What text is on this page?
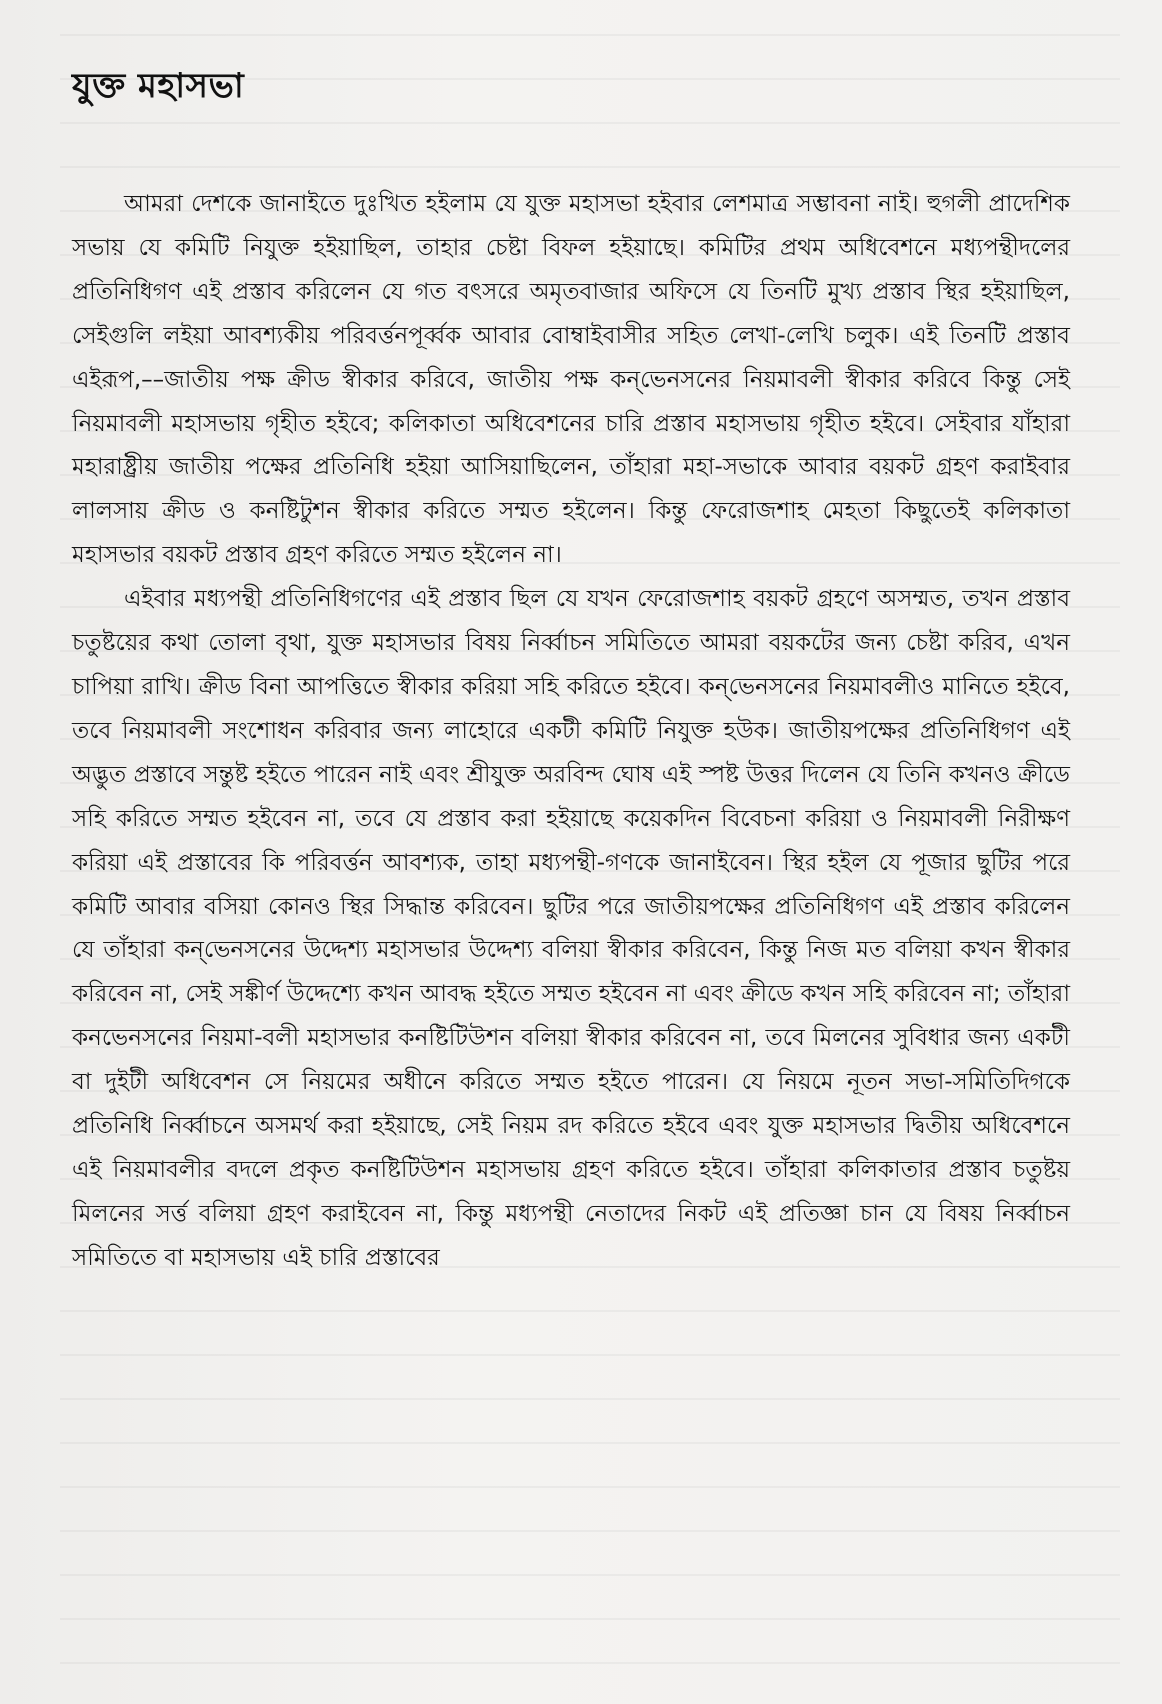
যুক্ত মহাসভা

আমরা দেশকে জানাইতে দুঃখিত হইলাম যে যুক্ত মহাসভা হইবার লেশমাত্র সম্ভাবনা নাই। হুগলী প্রাদেশিক সভায় যে কমিটি নিযুক্ত হইয়াছিল, তাহার চেষ্টা বিফল হইয়াছে। কমিটির প্রথম অধিবেশনে মধ্যপন্থীদলের প্রতিনিধিগণ এই প্রস্তাব করিলেন যে গত বৎসরে অমৃতবাজার অফিসে যে তিনটি মুখ্য প্রস্তাব স্থির হইয়াছিল, সেইগুলি লইয়া আবশ্যকীয় পরিবর্ত্তনপূর্ব্বক আবার বোম্বাইবাসীর সহিত লেখা-লেখি চলুক। এই তিনটি প্রস্তাব এইরূপ,––জাতীয় পক্ষ ক্রীড স্বীকার করিবে, জাতীয় পক্ষ কন্‌ভেনসনের নিয়মাবলী স্বীকার করিবে কিন্তু সেই নিয়মাবলী মহাসভায় গৃহীত হইবে; কলিকাতা অধিবেশনের চারি প্রস্তাব মহাসভায় গৃহীত হইবে। সেইবার যাঁহারা মহারাষ্ট্রীয় জাতীয় পক্ষের প্রতিনিধি হইয়া আসিয়াছিলেন, তাঁহারা মহা-সভাকে আবার বয়কট গ্রহণ করাইবার লালসায় ক্রীড ও কনষ্টিটুশন স্বীকার করিতে সম্মত হইলেন। কিন্তু ফেরোজশাহ মেহতা কিছুতেই কলিকাতা মহাসভার বয়কট প্রস্তাব গ্রহণ করিতে সম্মত হইলেন না।

এইবার মধ্যপন্থী প্রতিনিধিগণের এই প্রস্তাব ছিল যে যখন ফেরোজশাহ বয়কট গ্রহণে অসম্মত, তখন প্রস্তাব চতুষ্টয়ের কথা তোলা বৃথা, যুক্ত মহাসভার বিষয় নির্ব্বাচন সমিতিতে আমরা বয়কটের জন্য চেষ্টা করিব, এখন চাপিয়া রাখি। ক্রীড বিনা আপত্তিতে স্বীকার করিয়া সহি করিতে হইবে। কন্‌ভেনসনের নিয়মাবলীও মানিতে হইবে, তবে নিয়মাবলী সংশোধন করিবার জন্য লাহোরে একটী কমিটি নিযুক্ত হউক। জাতীয়পক্ষের প্রতিনিধিগণ এই অদ্ভুত প্রস্তাবে সন্তুষ্ট হইতে পারেন নাই এবং শ্রীযুক্ত অরবিন্দ ঘোষ এই স্পষ্ট উত্তর দিলেন যে তিনি কখনও ক্রীডে সহি করিতে সম্মত হইবেন না, তবে যে প্রস্তাব করা হইয়াছে কয়েকদিন বিবেচনা করিয়া ও নিয়মাবলী নিরীক্ষণ করিয়া এই প্রস্তাবের কি পরিবর্ত্তন আবশ্যক, তাহা মধ্যপন্থী-গণকে জানাইবেন। স্থির হইল যে পূজার ছুটির পরে কমিটি আবার বসিয়া কোনও স্থির সিদ্ধান্ত করিবেন। ছুটির পরে জাতীয়পক্ষের প্রতিনিধিগণ এই প্রস্তাব করিলেন যে তাঁহারা কন্‌ভেনসনের উদ্দেশ্য মহাসভার উদ্দেশ্য বলিয়া স্বীকার করিবেন, কিন্তু নিজ মত বলিয়া কখন স্বীকার করিবেন না, সেই সঙ্কীর্ণ উদ্দেশ্যে কখন আবদ্ধ হইতে সম্মত হইবেন না এবং ক্রীডে কখন সহি করিবেন না; তাঁহারা কনভেনসনের নিয়মা-বলী মহাসভার কনষ্টিটিউশন বলিয়া স্বীকার করিবেন না, তবে মিলনের সুবিধার জন্য একটী বা দুইটী অধিবেশন সে নিয়মের অধীনে করিতে সম্মত হইতে পারেন। যে নিয়মে নূতন সভা-সমিতিদিগকে প্রতিনিধি নির্ব্বাচনে অসমর্থ করা হইয়াছে, সেই নিয়ম রদ করিতে হইবে এবং যুক্ত মহাসভার দ্বিতীয় অধিবেশনে এই নিয়মাবলীর বদলে প্রকৃত কনষ্টিটিউশন মহাসভায় গ্রহণ করিতে হইবে। তাঁহারা কলিকাতার প্রস্তাব চতুষ্টয় মিলনের সর্ত্ত বলিয়া গ্রহণ করাইবেন না, কিন্তু মধ্যপন্থী নেতাদের নিকট এই প্রতিজ্ঞা চান যে বিষয় নির্ব্বাচন সমিতিতে বা মহাসভায় এই চারি প্রস্তাবের
